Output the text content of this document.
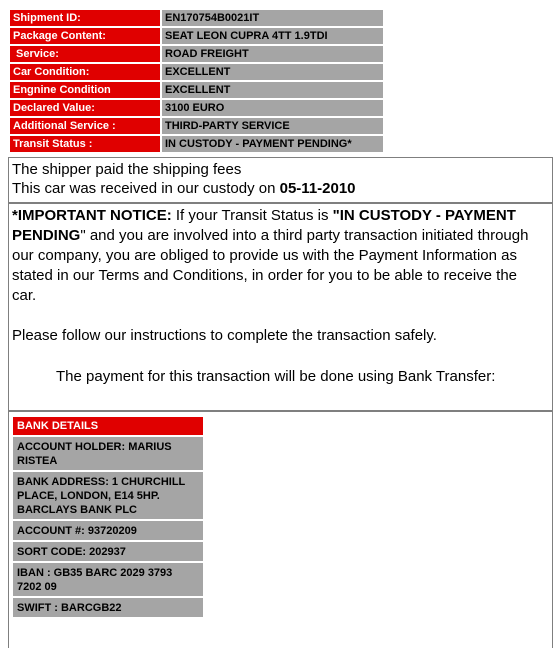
Shipment ID:	EN170754B0021IT
Package Content:	SEAT LEON CUPRA 4TT 1.9TDI
Service:	ROAD FREIGHT
Car Condition:	EXCELLENT
Engnine Condition	EXCELLENT
Declared Value:	3100 EURO
Additional Service :	THIRD-PARTY SERVICE
Transit Status :	IN CUSTODY - PAYMENT PENDING*
The shipper paid the shipping fees
This car was received in our custody on 05-11-2010
*IMPORTANT NOTICE: If your Transit Status is "IN CUSTODY - PAYMENT PENDING" and you are involved into a third party transaction initiated through our company, you are obliged to provide us with the Payment Information as stated in our Terms and Conditions, in order for you to be able to receive the car.
Please follow our instructions to complete the transaction safely.
The payment for this transaction will be done using Bank Transfer:
BANK DETAILS
ACCOUNT HOLDER: MARIUS RISTEA
BANK ADDRESS: 1 CHURCHILL PLACE, LONDON, E14 5HP. BARCLAYS BANK PLC
ACCOUNT #: 93720209
SORT CODE: 202937
IBAN : GB35 BARC 2029 3793 7202 09
SWIFT : BARCGB22
